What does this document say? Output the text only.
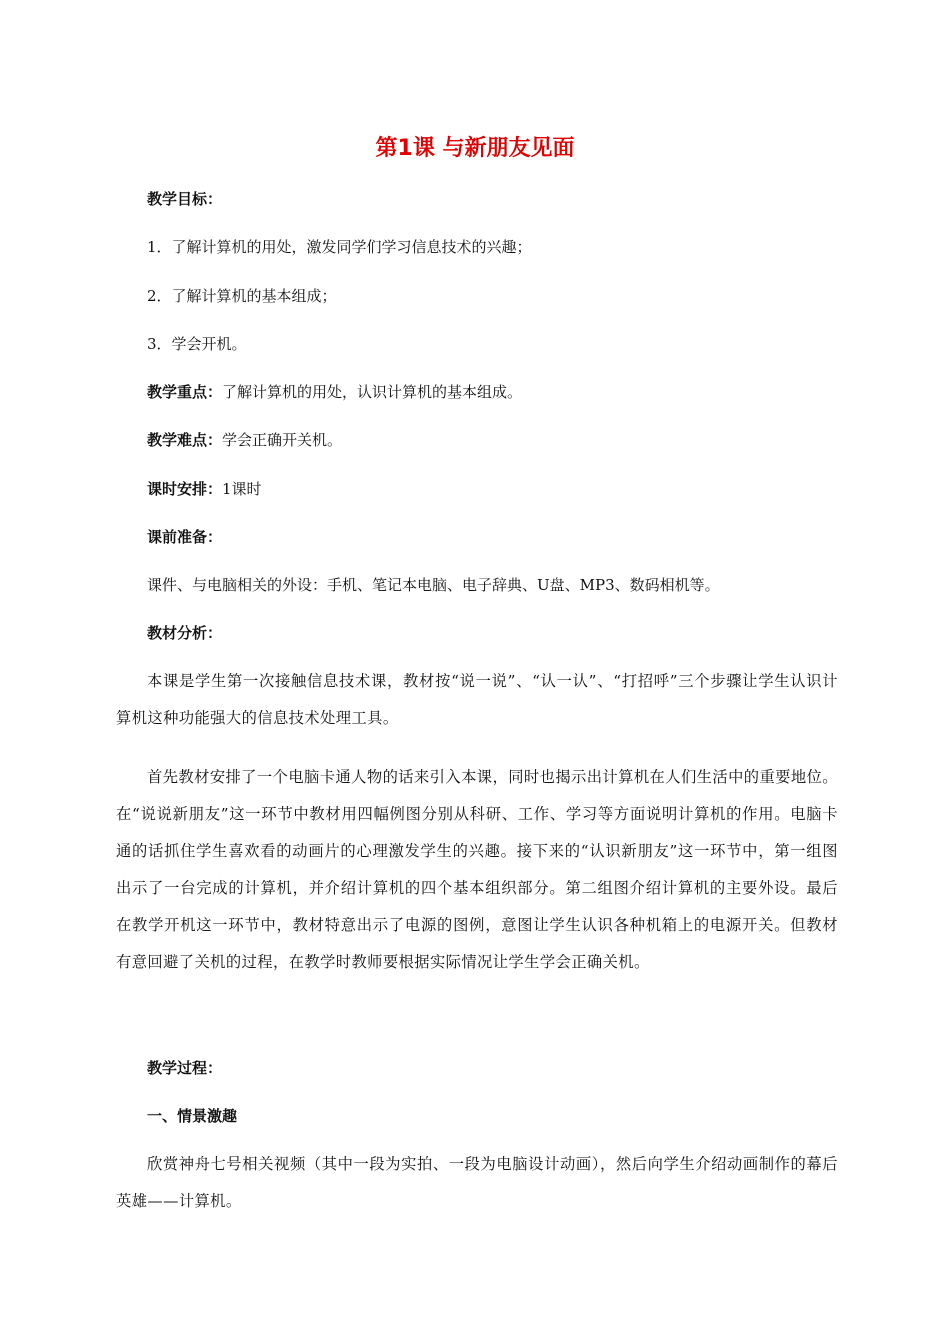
第1课 与新朋友见面
教学目标：
1．了解计算机的用处，激发同学们学习信息技术的兴趣；
2．了解计算机的基本组成；
3．学会开机。
教学重点：了解计算机的用处，认识计算机的基本组成。
教学难点：学会正确开关机。
课时安排：1课时
课前准备：
课件、与电脑相关的外设：手机、笔记本电脑、电子辞典、U盘、MP3、数码相机等。
教材分析：
本课是学生第一次接触信息技术课，教材按“说一说”、“认一认”、“打招呼”三个步骤让学生认识计算机这种功能强大的信息技术处理工具。
首先教材安排了一个电脑卡通人物的话来引入本课，同时也揭示出计算机在人们生活中的重要地位。在“说说新朋友”这一环节中教材用四幅例图分别从科研、工作、学习等方面说明计算机的作用。电脑卡通的话抓住学生喜欢看的动画片的心理激发学生的兴趣。接下来的“认识新朋友”这一环节中，第一组图出示了一台完成的计算机，并介绍计算机的四个基本组织部分。第二组图介绍计算机的主要外设。最后在教学开机这一环节中，教材特意出示了电源的图例，意图让学生认识各种机箱上的电源开关。但教材有意回避了关机的过程，在教学时教师要根据实际情况让学生学会正确关机。
教学过程：
一、情景激趣
欣赏神舟七号相关视频（其中一段为实拍、一段为电脑设计动画），然后向学生介绍动画制作的幕后英雄——计算机。
